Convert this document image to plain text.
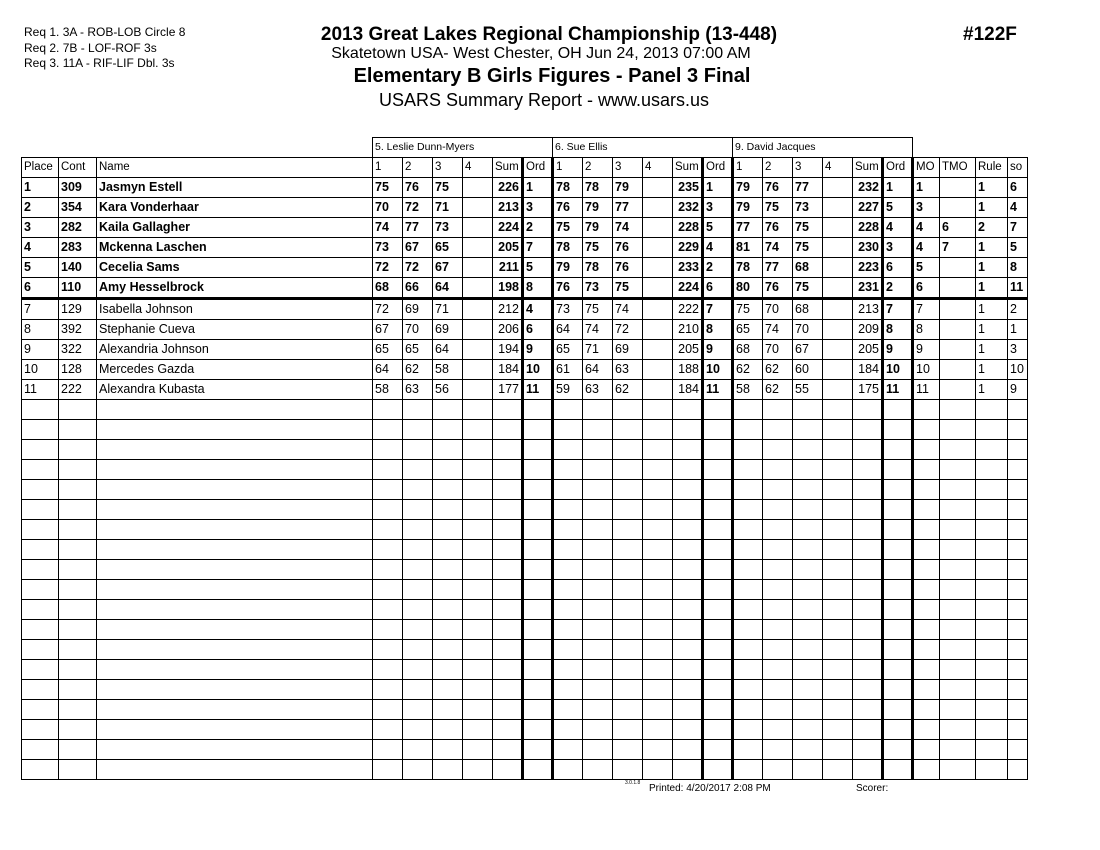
Req 1. 3A - ROB-LOB Circle 8
Req 2. 7B - LOF-ROF 3s
Req 3. 11A - RIF-LIF Dbl. 3s
2013 Great Lakes Regional Championship (13-448)
Skatetown USA- West Chester, OH Jun 24, 2013 07:00 AM
Elementary B Girls Figures - Panel 3 Final
USARS Summary Report - www.usars.us
#122F
			5. Leslie Dunn-Myers						6. Sue Ellis						9. David Jacques									
Place	Cont	Name	1	2	3	4	Sum	Ord	1	2	3	4	Sum	Ord	1	2	3	4	Sum	Ord	MO	TMO	Rule	so
1	309	Jasmyn Estell	75	76	75		226	1	78	78	79		235	1	79	76	77		232	1	1		1	6
2	354	Kara Vonderhaar	70	72	71		213	3	76	79	77		232	3	79	75	73		227	5	3		1	4
3	282	Kaila Gallagher	74	77	73		224	2	75	79	74		228	5	77	76	75		228	4	4	6	2	7
4	283	Mckenna Laschen	73	67	65		205	7	78	75	76		229	4	81	74	75		230	3	4	7	1	5
5	140	Cecelia Sams	72	72	67		211	5	79	78	76		233	2	78	77	68		223	6	5		1	8
6	110	Amy Hesselbrock	68	66	64		198	8	76	73	75		224	6	80	76	75		231	2	6		1	11
7	129	Isabella Johnson	72	69	71		212	4	73	75	74		222	7	75	70	68		213	7	7		1	2
8	392	Stephanie Cueva	67	70	69		206	6	64	74	72		210	8	65	74	70		209	8	8		1	1
9	322	Alexandria Johnson	65	65	64		194	9	65	71	69		205	9	68	70	67		205	9	9		1	3
10	128	Mercedes Gazda	64	62	58		184	10	61	64	63		188	10	62	62	60		184	10	10		1	10
11	222	Alexandra Kubasta	58	63	56		177	11	59	63	62		184	11	58	62	55		175	11	11		1	9

3.0.1.8 Printed: 4/20/2017 2:08 PM	Scorer:
